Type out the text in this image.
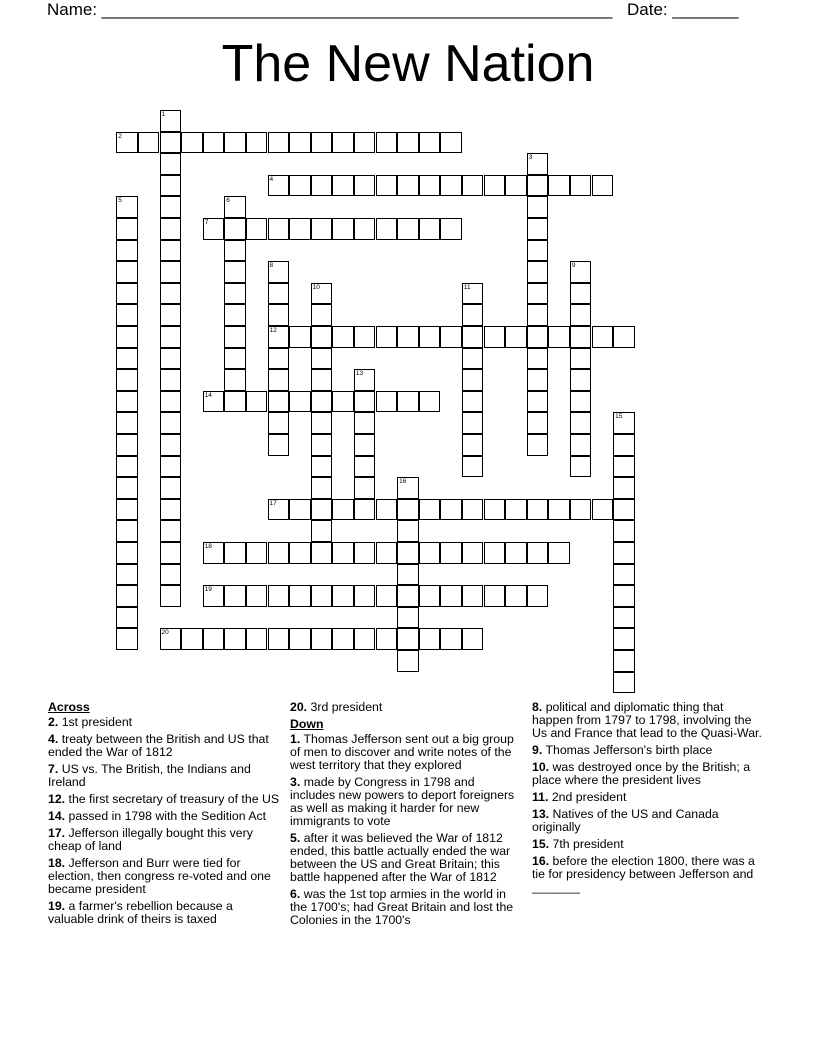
Name: ______________________________________________________ Date: _______
The New Nation
1
2
3
4
5	6
7
8
12
9
10	11
13
14
15
16
17
18
19
20
Across
2. 1st president
4. treaty between the British and US that ended the War of 1812
7. US vs. The British, the Indians and Ireland
12. the first secretary of treasury of the US
14. passed in 1798 with the Sedition Act
17. Jefferson illegally bought this very cheap of land
18. Jefferson and Burr were tied for election, then congress re-voted and one became president
19. a farmer's rebellion because a valuable drink of theirs is taxed
20. 3rd president
Down
1. Thomas Jefferson sent out a big group of men to discover and write notes of the west territory that they explored
3. made by Congress in 1798 and includes new powers to deport foreigners as well as making it harder for new immigrants to vote
5. after it was believed the War of 1812 ended, this battle actually ended the war between the US and Great Britain; this battle happened after the War of 1812
6. was the 1st top armies in the world in the 1700's; had Great Britain and lost the Colonies in the 1700's
8. political and diplomatic thing that happen from 1797 to 1798, involving the Us and France that lead to the Quasi-War.
9. Thomas Jefferson's birth place
10. was destroyed once by the British; a place where the president lives
11. 2nd president
13. Natives of the US and Canada originally
15. 7th president
16. before the election 1800, there was a tie for presidency between Jefferson and _______
